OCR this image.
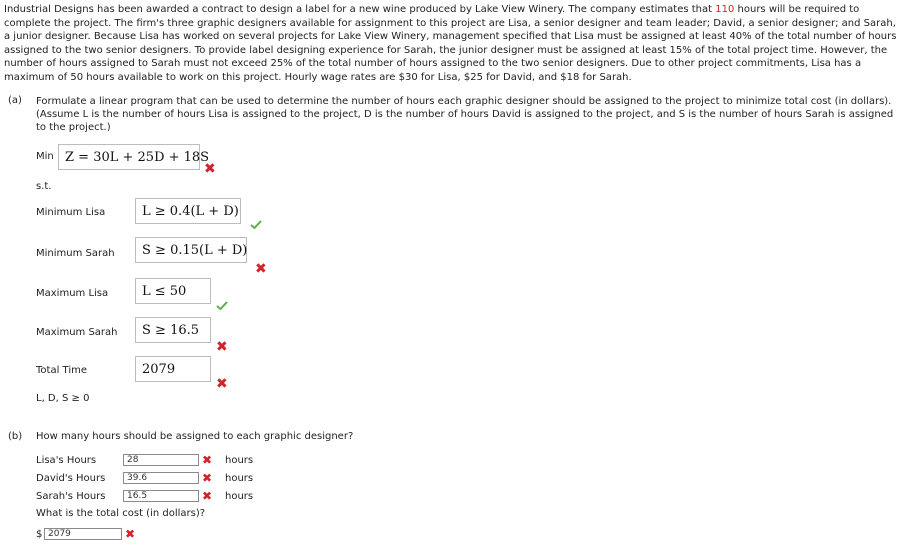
Industrial Designs has been awarded a contract to design a label for a new wine produced by Lake View Winery. The company estimates that 110 hours will be required to complete the project. The firm's three graphic designers available for assignment to this project are Lisa, a senior designer and team leader; David, a senior designer; and Sarah, a junior designer. Because Lisa has worked on several projects for Lake View Winery, management specified that Lisa must be assigned at least 40% of the total number of hours assigned to the two senior designers. To provide label designing experience for Sarah, the junior designer must be assigned at least 15% of the total project time. However, the number of hours assigned to Sarah must not exceed 25% of the total number of hours assigned to the two senior designers. Due to other project commitments, Lisa has a maximum of 50 hours available to work on this project. Hourly wage rates are $30 for Lisa, $25 for David, and $18 for Sarah.
(a) Formulate a linear program that can be used to determine the number of hours each graphic designer should be assigned to the project to minimize total cost (in dollars).
(Assume L is the number of hours Lisa is assigned to the project, D is the number of hours David is assigned to the project, and S is the number of hours Sarah is assigned to the project.)
Min Z = 30L + 25D + 18S
✖
s.t.
Minimum Lisa	L ≥ 0.4(L + D)
Minimum Sarah S ≥ 0.15(L + D)
✖
Maximum Lisa	L ≤ 50
Maximum Sarah S ≥ 16.5
✖
Total Time	2079
✖
L, D, S ≥ 0
(b) How many hours should be assigned to each graphic designer?
Lisa's Hours
28	✖ hours
David's Hours
39.6	✖ hours
Sarah's Hours
16.5	✖ hours
What is the total cost (in dollars)?
$
2079	✖
